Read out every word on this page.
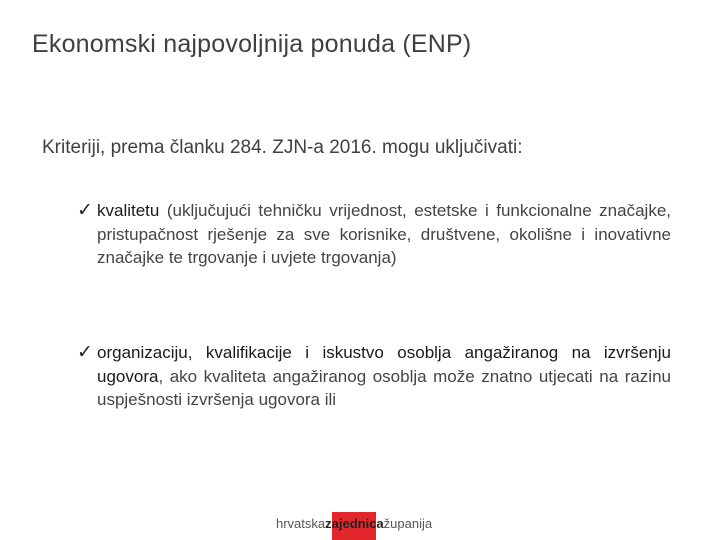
Ekonomski najpovoljnija ponuda (ENP)
Kriteriji, prema članku 284. ZJN-a 2016. mogu uključivati:
✓ kvalitetu (uključujući tehničku vrijednost, estetske i funkcionalne značajke, pristupačnost rješenje za sve korisnike, društvene, okolišne i inovativne značajke te trgovanje i uvjete trgovanja)
✓ organizaciju, kvalifikacije i iskustvo osoblja angažiranog na izvršenju ugovora, ako kvaliteta angažiranog osoblja može znatno utjecati na razinu uspješnosti izvršenja ugovora ili
hrvatska zajednica županija
